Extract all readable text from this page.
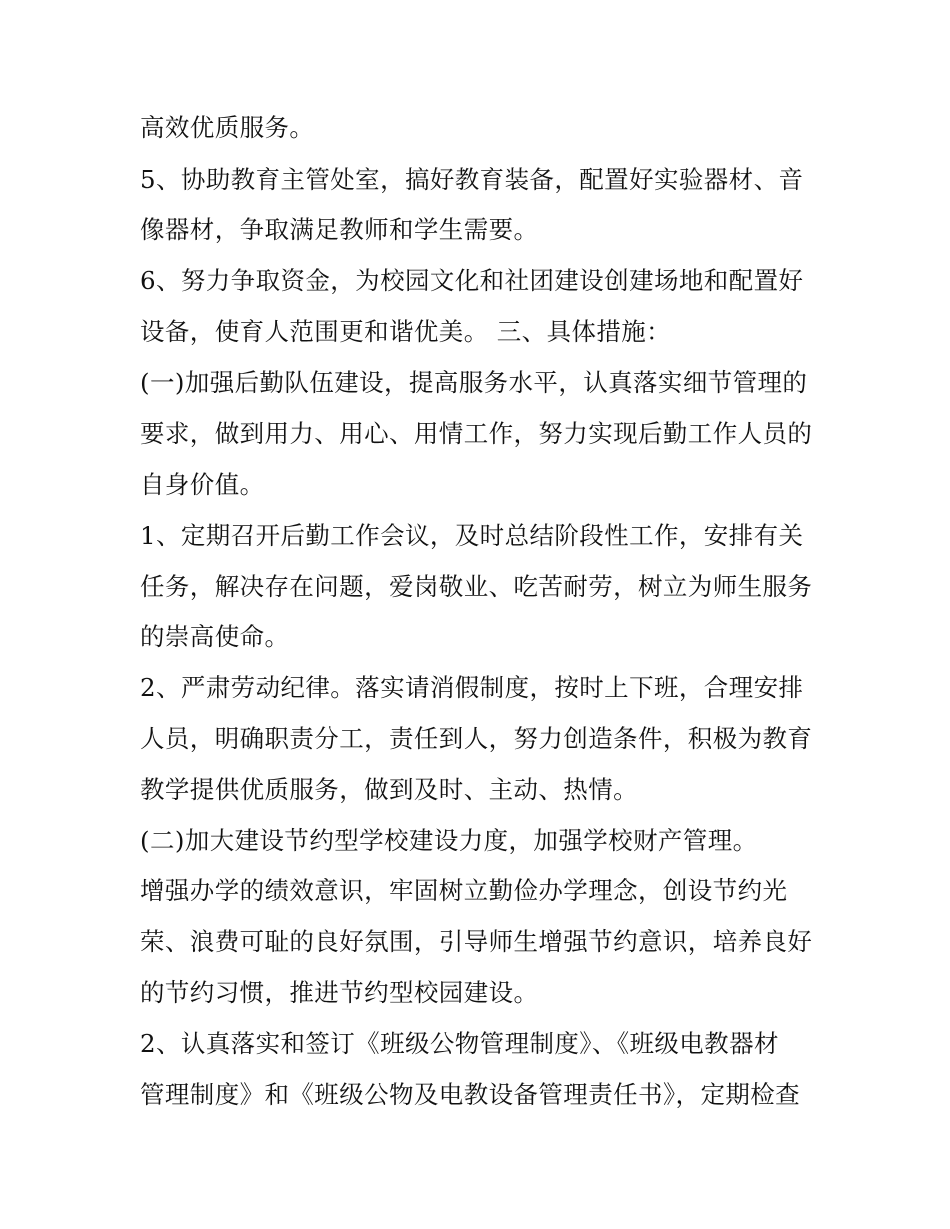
高效优质服务。

5、协助教育主管处室，搞好教育装备，配置好实验器材、音

像器材，争取满足教师和学生需要。

6、努力争取资金，为校园文化和社团建设创建场地和配置好

设备，使育人范围更和谐优美。 三、具体措施：

(一)加强后勤队伍建设，提高服务水平，认真落实细节管理的

要求，做到用力、用心、用情工作，努力实现后勤工作人员的

自身价值。

1、定期召开后勤工作会议，及时总结阶段性工作，安排有关

任务，解决存在问题，爱岗敬业、吃苦耐劳，树立为师生服务

的崇高使命。

2、严肃劳动纪律。落实请消假制度，按时上下班，合理安排

人员，明确职责分工，责任到人，努力创造条件，积极为教育

教学提供优质服务，做到及时、主动、热情。

(二)加大建设节约型学校建设力度，加强学校财产管理。

增强办学的绩效意识，牢固树立勤俭办学理念，创设节约光

荣、浪费可耻的良好氛围，引导师生增强节约意识，培养良好

的节约习惯，推进节约型校园建设。

2、认真落实和签订《班级公物管理制度》、《班级电教器材

管理制度》和《班级公物及电教设备管理责任书》，定期检查
